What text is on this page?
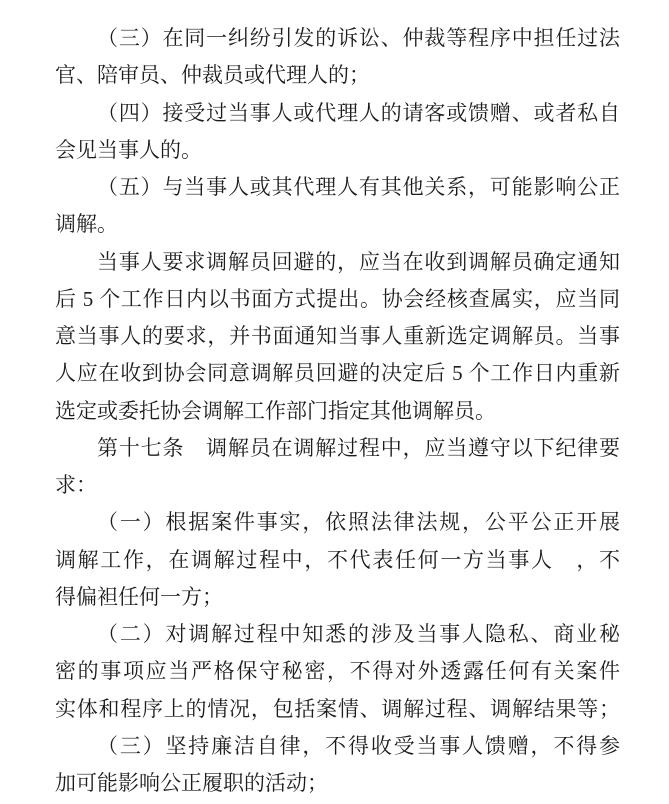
（三）在同一纠纷引发的诉讼、仲裁等程序中担任过法
官、陪审员、仲裁员或代理人的；
（四）接受过当事人或代理人的请客或馈赠、或者私自
会见当事人的。
（五）与当事人或其代理人有其他关系，可能影响公正
调解。
当事人要求调解员回避的，应当在收到调解员确定通知
后 5 个工作日内以书面方式提出。协会经核查属实，应当同
意当事人的要求，并书面通知当事人重新选定调解员。当事
人应在收到协会同意调解员回避的决定后 5 个工作日内重新
选定或委托协会调解工作部门指定其他调解员。
第十七条　调解员在调解过程中，应当遵守以下纪律要
求：
（一）根据案件事实，依照法律法规，公平公正开展
调解工作，在调解过程中，不代表任何一方当事人　，不
得偏袒任何一方；
（二）对调解过程中知悉的涉及当事人隐私、商业秘
密的事项应当严格保守秘密，不得对外透露任何有关案件
实体和程序上的情况，包括案情、调解过程、调解结果等；
（三）坚持廉洁自律，不得收受当事人馈赠，不得参
加可能影响公正履职的活动；
